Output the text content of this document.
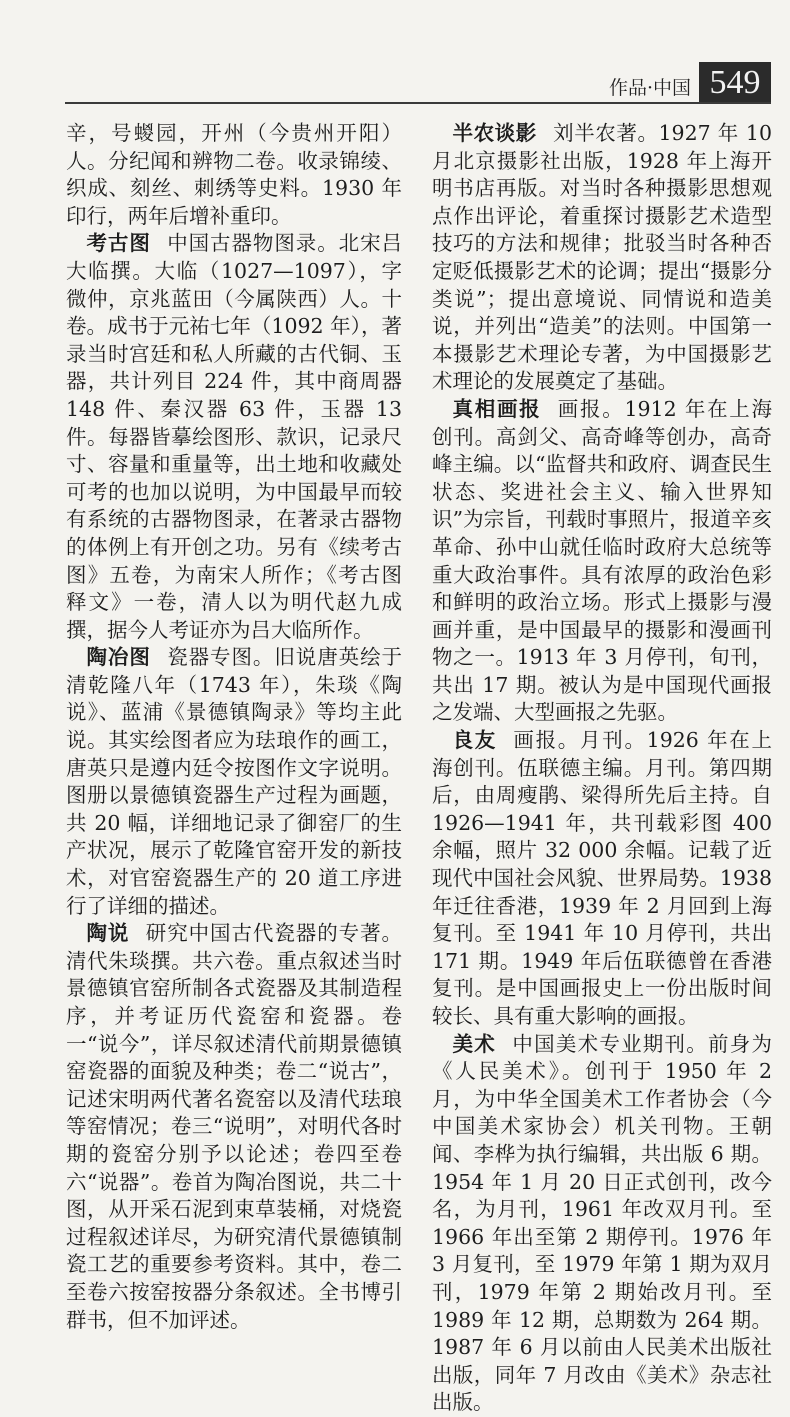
作品·中国 549

辛，号蝬园，开州（今贵州开阳）人。分纪闻和辨物二卷。收录锦绫、织成、刻丝、刺绣等史料。1930 年印行，两年后增补重印。

考古图 中国古器物图录。北宋吕大临撰。大临（1027—1097），字微仲，京兆蓝田（今属陕西）人。十卷。成书于元祐七年（1092 年），著录当时宫廷和私人所藏的古代铜、玉器，共计列目 224 件，其中商周器 148 件、秦汉器 63 件，玉器 13 件。每器皆摹绘图形、款识，记录尺寸、容量和重量等，出土地和收藏处可考的也加以说明，为中国最早而较有系统的古器物图录，在著录古器物的体例上有开创之功。另有《续考古图》五卷，为南宋人所作；《考古图释文》一卷，清人以为明代赵九成撰，据今人考证亦为吕大临所作。

陶冶图 瓷器专图。旧说唐英绘于清乾隆八年（1743 年），朱琰《陶说》、蓝浦《景德镇陶录》等均主此说。其实绘图者应为珐琅作的画工，唐英只是遵内廷令按图作文字说明。图册以景德镇瓷器生产过程为画题，共 20 幅，详细地记录了御窑厂的生产状况，展示了乾隆官窑开发的新技术，对官窑瓷器生产的 20 道工序进行了详细的描述。

陶说 研究中国古代瓷器的专著。清代朱琰撰。共六卷。重点叙述当时景德镇官窑所制各式瓷器及其制造程序，并考证历代瓷窑和瓷器。卷一“说今”，详尽叙述清代前期景德镇窑瓷器的面貌及种类；卷二“说古”，记述宋明两代著名瓷窑以及清代珐琅等窑情况；卷三“说明”，对明代各时期的瓷窑分别予以论述；卷四至卷六“说器”。卷首为陶冶图说，共二十图，从开采石泥到束草装桶，对烧瓷过程叙述详尽，为研究清代景德镇制瓷工艺的重要参考资料。其中，卷二至卷六按窑按器分条叙述。全书博引群书，但不加评述。

半农谈影 刘半农著。1927 年 10 月北京摄影社出版，1928 年上海开明书店再版。对当时各种摄影思想观点作出评论，着重探讨摄影艺术造型技巧的方法和规律；批驳当时各种否定贬低摄影艺术的论调；提出“摄影分类说”；提出意境说、同情说和造美说，并列出“造美”的法则。中国第一本摄影艺术理论专著，为中国摄影艺术理论的发展奠定了基础。

真相画报 画报。1912 年在上海创刊。高剑父、高奇峰等创办，高奇峰主编。以“监督共和政府、调查民生状态、奖进社会主义、输入世界知识”为宗旨，刊载时事照片，报道辛亥革命、孙中山就任临时政府大总统等重大政治事件。具有浓厚的政治色彩和鲜明的政治立场。形式上摄影与漫画并重，是中国最早的摄影和漫画刊物之一。1913 年 3 月停刊，旬刊，共出 17 期。被认为是中国现代画报之发端、大型画报之先驱。

良友 画报。月刊。1926 年在上海创刊。伍联德主编。月刊。第四期后，由周瘦鹃、梁得所先后主持。自 1926—1941 年，共刊载彩图 400 余幅，照片 32 000 余幅。记载了近现代中国社会风貌、世界局势。1938 年迁往香港，1939 年 2 月回到上海复刊。至 1941 年 10 月停刊，共出 171 期。1949 年后伍联德曾在香港复刊。是中国画报史上一份出版时间较长、具有重大影响的画报。

美术 中国美术专业期刊。前身为《人民美术》。创刊于 1950 年 2 月，为中华全国美术工作者协会（今中国美术家协会）机关刊物。王朝闻、李桦为执行编辑，共出版 6 期。1954 年 1 月 20 日正式创刊，改今名，为月刊，1961 年改双月刊。至 1966 年出至第 2 期停刊。1976 年 3 月复刊，至 1979 年第 1 期为双月刊，1979 年第 2 期始改月刊。至 1989 年 12 期，总期数为 264 期。1987 年 6 月以前由人民美术出版社出版，同年 7 月改由《美术》杂志社出版。
